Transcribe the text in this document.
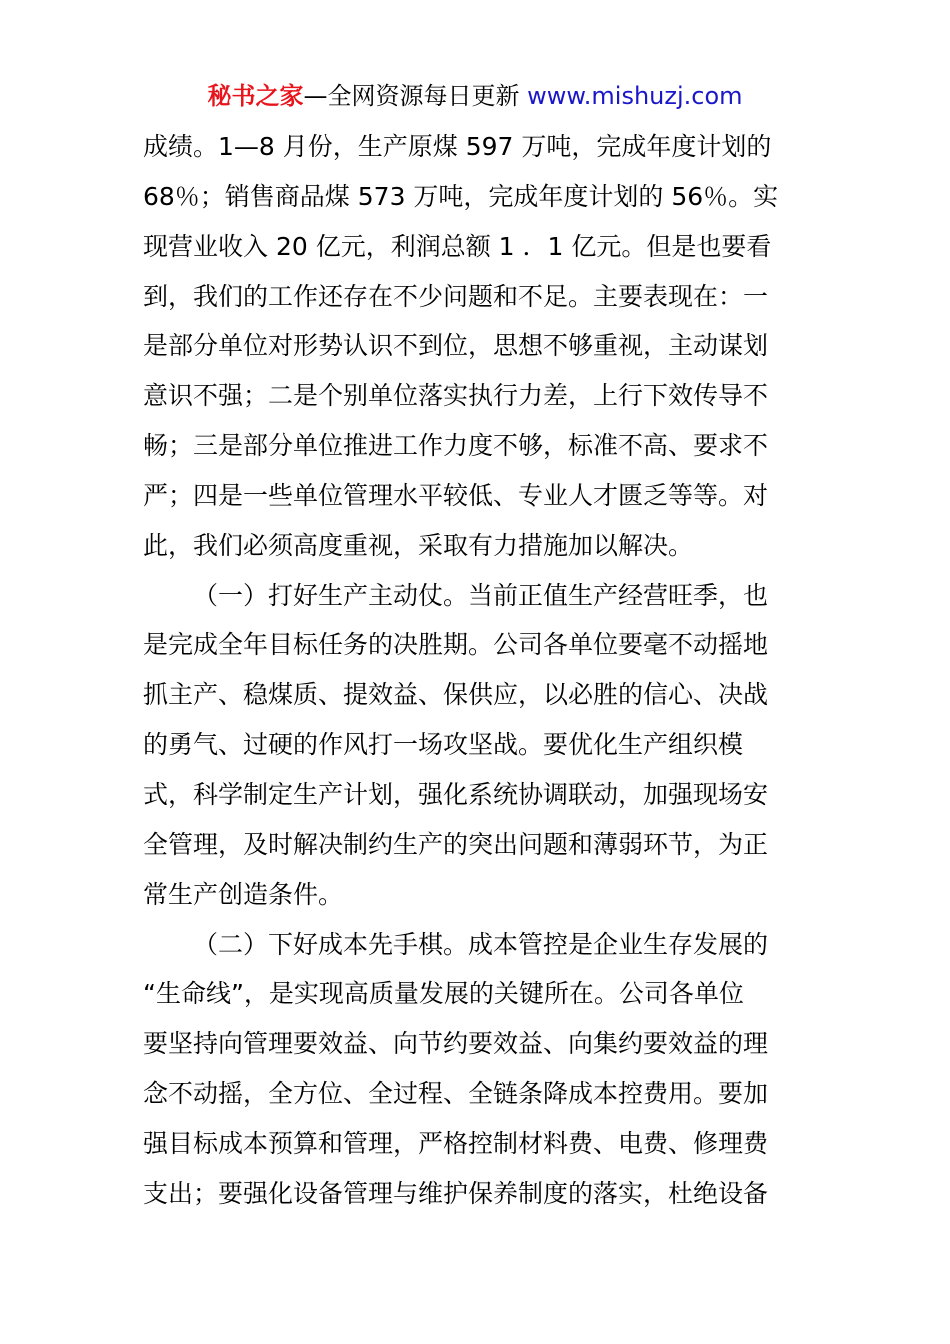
秘书之家—全网资源每日更新 www.mishuzj.com
成绩。1—8 月份，生产原煤 597 万吨，完成年度计划的
68％；销售商品煤 573 万吨，完成年度计划的 56％。实
现营业收入 20 亿元，利润总额 1 ．1 亿元。但是也要看
到，我们的工作还存在不少问题和不足。主要表现在：一
是部分单位对形势认识不到位，思想不够重视，主动谋划
意识不强；二是个别单位落实执行力差，上行下效传导不
畅；三是部分单位推进工作力度不够，标准不高、要求不
严；四是一些单位管理水平较低、专业人才匮乏等等。对
此，我们必须高度重视，采取有力措施加以解决。
（一）打好生产主动仗。当前正值生产经营旺季，也
是完成全年目标任务的决胜期。公司各单位要毫不动摇地
抓主产、稳煤质、提效益、保供应，以必胜的信心、决战
的勇气、过硬的作风打一场攻坚战。要优化生产组织模
式，科学制定生产计划，强化系统协调联动，加强现场安
全管理，及时解决制约生产的突出问题和薄弱环节，为正
常生产创造条件。
（二）下好成本先手棋。成本管控是企业生存发展的
“生命线”，是实现高质量发展的关键所在。公司各单位
要坚持向管理要效益、向节约要效益、向集约要效益的理
念不动摇，全方位、全过程、全链条降成本控费用。要加
强目标成本预算和管理，严格控制材料费、电费、修理费
支出；要强化设备管理与维护保养制度的落实，杜绝设备
